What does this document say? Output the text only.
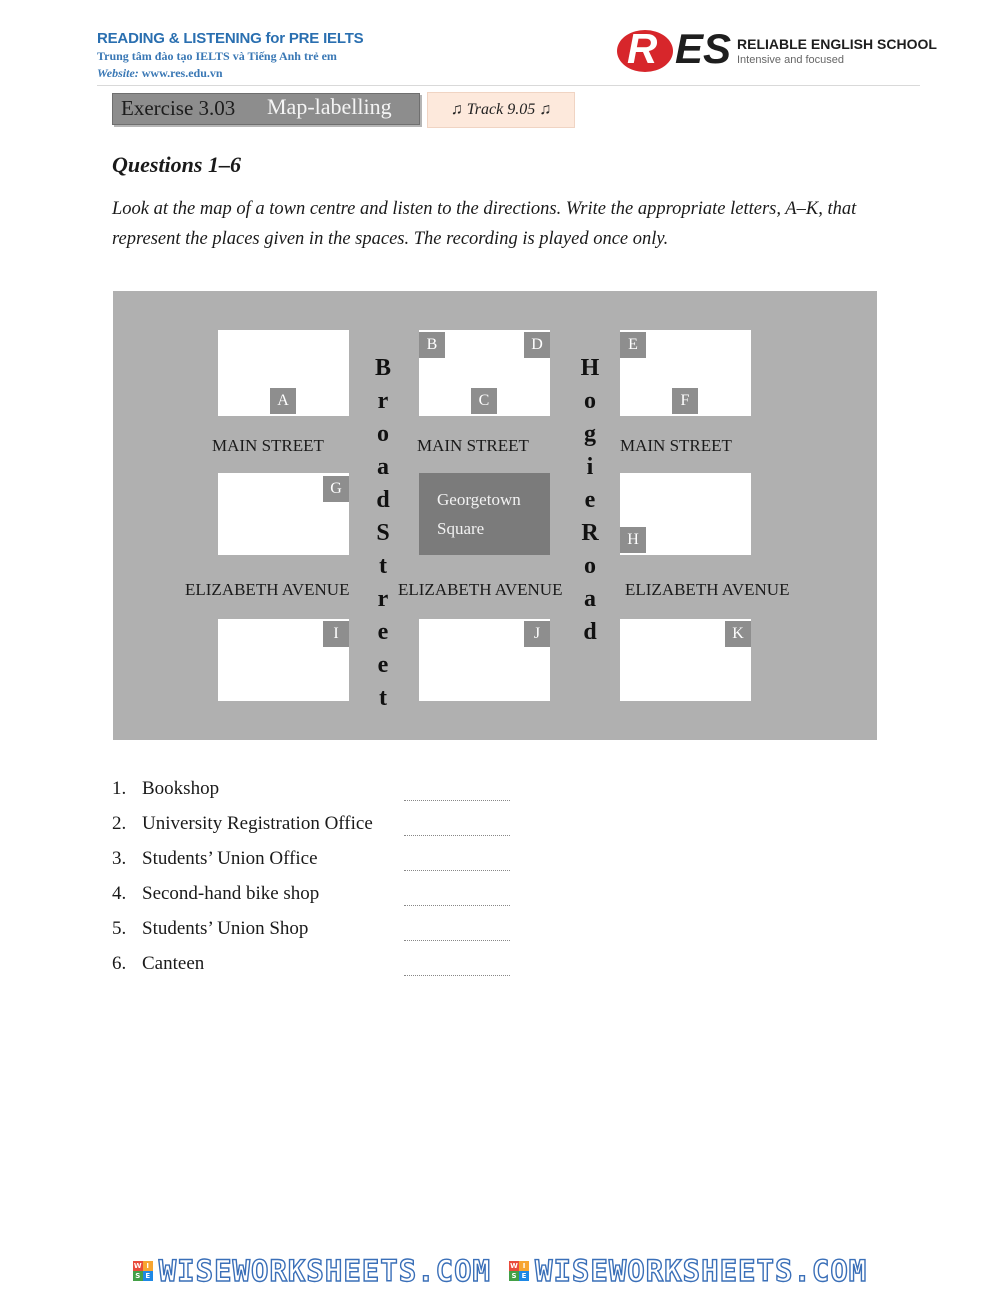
READING & LISTENING for PRE IELTS
Trung tâm đào tạo IELTS và Tiếng Anh trẻ em
Website: www.res.edu.vn
R ES RELIABLE ENGLISH SCHOOL
Intensive and focused
Exercise 3.03 Map-labelling	♫ Track 9.05 ♫
Questions 1–6
Look at the map of a town centre and listen to the directions. Write the appropriate letters, A–K, that represent the places given in the spaces. The recording is played once only.
Georgetown
Square
A
B
C
D	E
F
G
H
I	J	K
MAIN STREET	MAIN STREET	MAIN STREET
ELIZABETH AVENUE	ELIZABETH AVENUE	ELIZABETH AVENUE
B
r
o
a
d
S
t
r
e
e
t
H
o
g
i
e
R
o
a
d
1. Bookshop
2. University Registration Office
3. Students’ Union Office
4. Second-hand bike shop
5. Students’ Union Shop
6. Canteen
W I
S E WISEWORKSHEETS.COM	W I
S E WISEWORKSHEETS.COM
